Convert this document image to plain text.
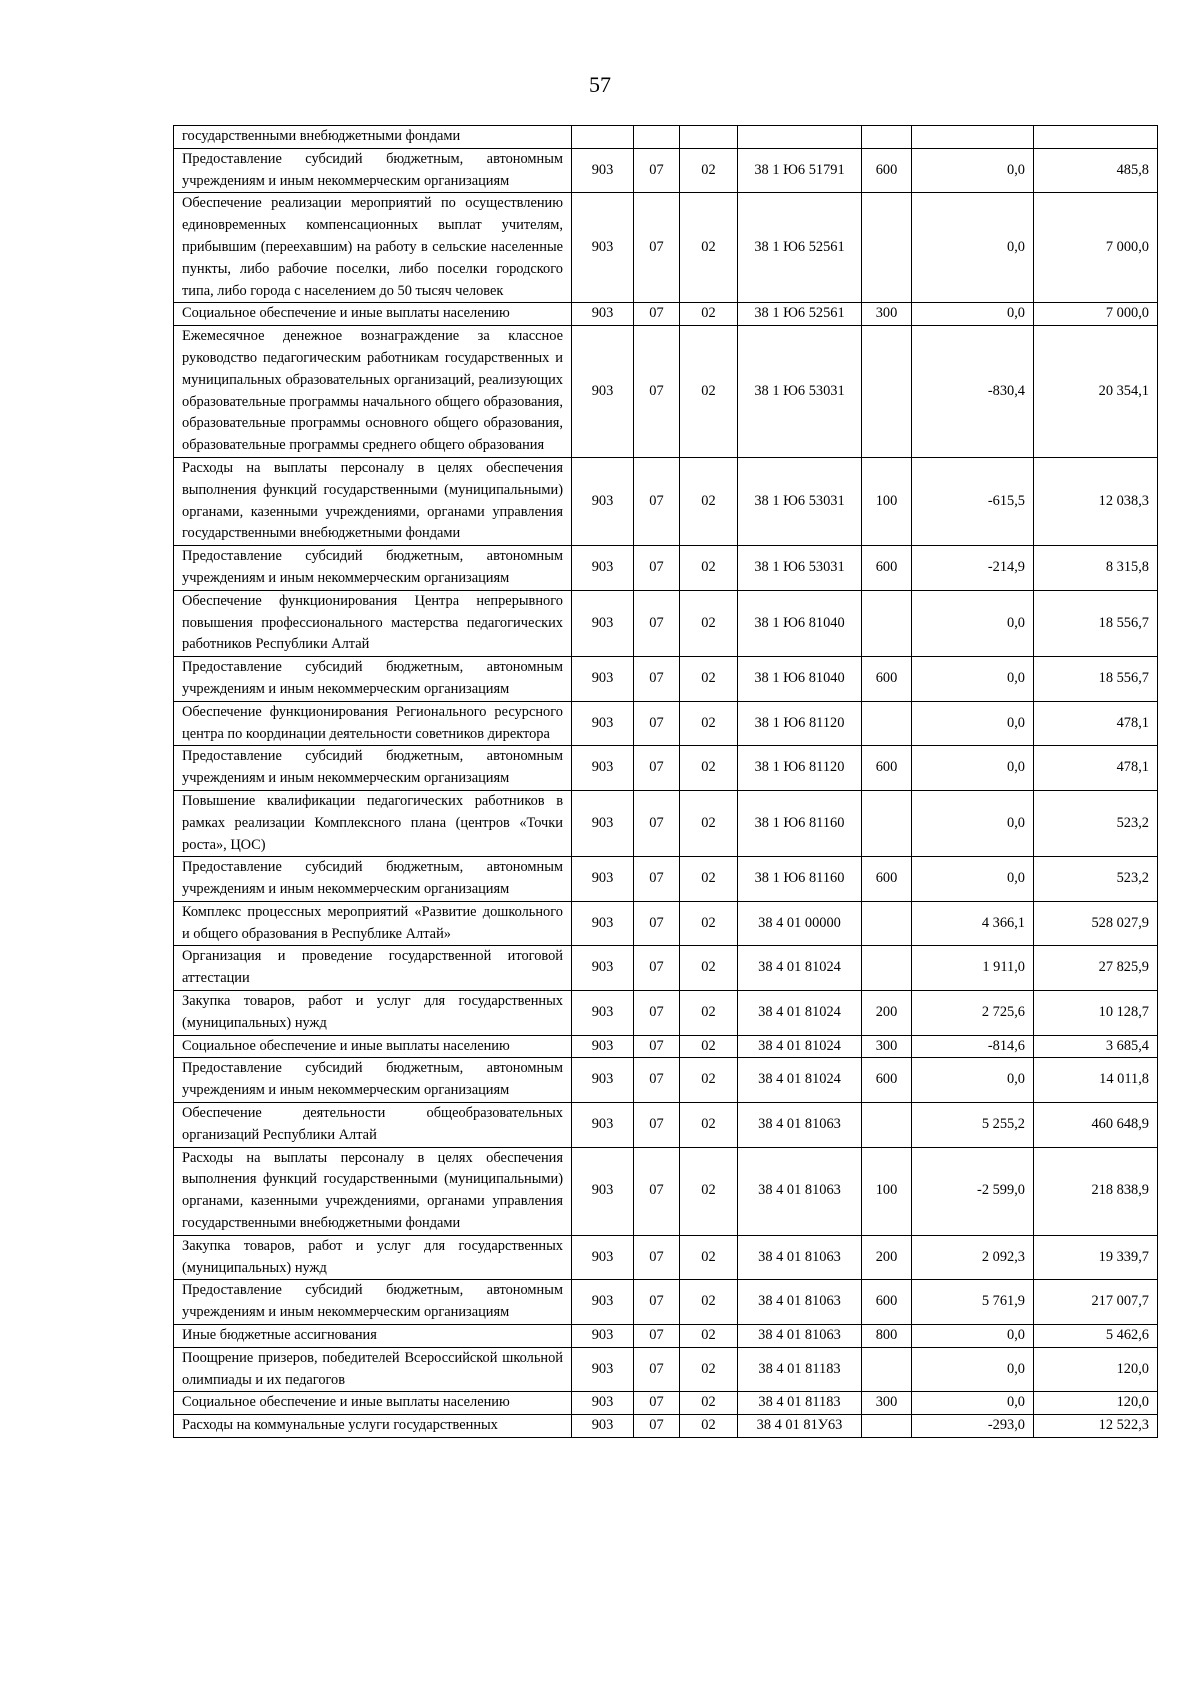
57
государственными внебюджетными фондами							
Предоставление субсидий бюджетным, автономным учреждениям и иным некоммерческим организациям	903	07	02	38 1 Ю6 51791	600	0,0	485,8
Обеспечение реализации мероприятий по осуществлению единовременных компенсационных выплат учителям, прибывшим (переехавшим) на работу в сельские населенные пункты, либо рабочие поселки, либо поселки городского типа, либо города с населением до 50 тысяч человек	903	07	02	38 1 Ю6 52561		0,0	7 000,0
Социальное обеспечение и иные выплаты населению	903	07	02	38 1 Ю6 52561	300	0,0	7 000,0
Ежемесячное денежное вознаграждение за классное руководство педагогическим работникам государственных и муниципальных образовательных организаций, реализующих образовательные программы начального общего образования, образовательные программы основного общего образования, образовательные программы среднего общего образования	903	07	02	38 1 Ю6 53031		-830,4	20 354,1
Расходы на выплаты персоналу в целях обеспечения выполнения функций государственными (муниципальными) органами, казенными учреждениями, органами управления государственными внебюджетными фондами	903	07	02	38 1 Ю6 53031	100	-615,5	12 038,3
Предоставление субсидий бюджетным, автономным учреждениям и иным некоммерческим организациям	903	07	02	38 1 Ю6 53031	600	-214,9	8 315,8
Обеспечение функционирования Центра непрерывного повышения профессионального мастерства педагогических работников Республики Алтай	903	07	02	38 1 Ю6 81040		0,0	18 556,7
Предоставление субсидий бюджетным, автономным учреждениям и иным некоммерческим организациям	903	07	02	38 1 Ю6 81040	600	0,0	18 556,7
Обеспечение функционирования Регионального ресурсного центра по координации деятельности советников директора	903	07	02	38 1 Ю6 81120		0,0	478,1
Предоставление субсидий бюджетным, автономным учреждениям и иным некоммерческим организациям	903	07	02	38 1 Ю6 81120	600	0,0	478,1
Повышение квалификации педагогических работников в рамках реализации Комплексного плана (центров «Точки роста», ЦОС)	903	07	02	38 1 Ю6 81160		0,0	523,2
Предоставление субсидий бюджетным, автономным учреждениям и иным некоммерческим организациям	903	07	02	38 1 Ю6 81160	600	0,0	523,2
Комплекс процессных мероприятий «Развитие дошкольного и общего образования в Республике Алтай»	903	07	02	38 4 01 00000		4 366,1	528 027,9
Организация и проведение государственной итоговой аттестации	903	07	02	38 4 01 81024		1 911,0	27 825,9
Закупка товаров, работ и услуг для государственных (муниципальных) нужд	903	07	02	38 4 01 81024	200	2 725,6	10 128,7
Социальное обеспечение и иные выплаты населению	903	07	02	38 4 01 81024	300	-814,6	3 685,4
Предоставление субсидий бюджетным, автономным учреждениям и иным некоммерческим организациям	903	07	02	38 4 01 81024	600	0,0	14 011,8
Обеспечение деятельности общеобразовательных организаций Республики Алтай	903	07	02	38 4 01 81063		5 255,2	460 648,9
Расходы на выплаты персоналу в целях обеспечения выполнения функций государственными (муниципальными) органами, казенными учреждениями, органами управления государственными внебюджетными фондами	903	07	02	38 4 01 81063	100	-2 599,0	218 838,9
Закупка товаров, работ и услуг для государственных (муниципальных) нужд	903	07	02	38 4 01 81063	200	2 092,3	19 339,7
Предоставление субсидий бюджетным, автономным учреждениям и иным некоммерческим организациям	903	07	02	38 4 01 81063	600	5 761,9	217 007,7
Иные бюджетные ассигнования	903	07	02	38 4 01 81063	800	0,0	5 462,6
Поощрение призеров, победителей Всероссийской школьной олимпиады и их педагогов	903	07	02	38 4 01 81183		0,0	120,0
Социальное обеспечение и иные выплаты населению	903	07	02	38 4 01 81183	300	0,0	120,0
Расходы на коммунальные услуги государственных	903	07	02	38 4 01 81У63		-293,0	12 522,3
